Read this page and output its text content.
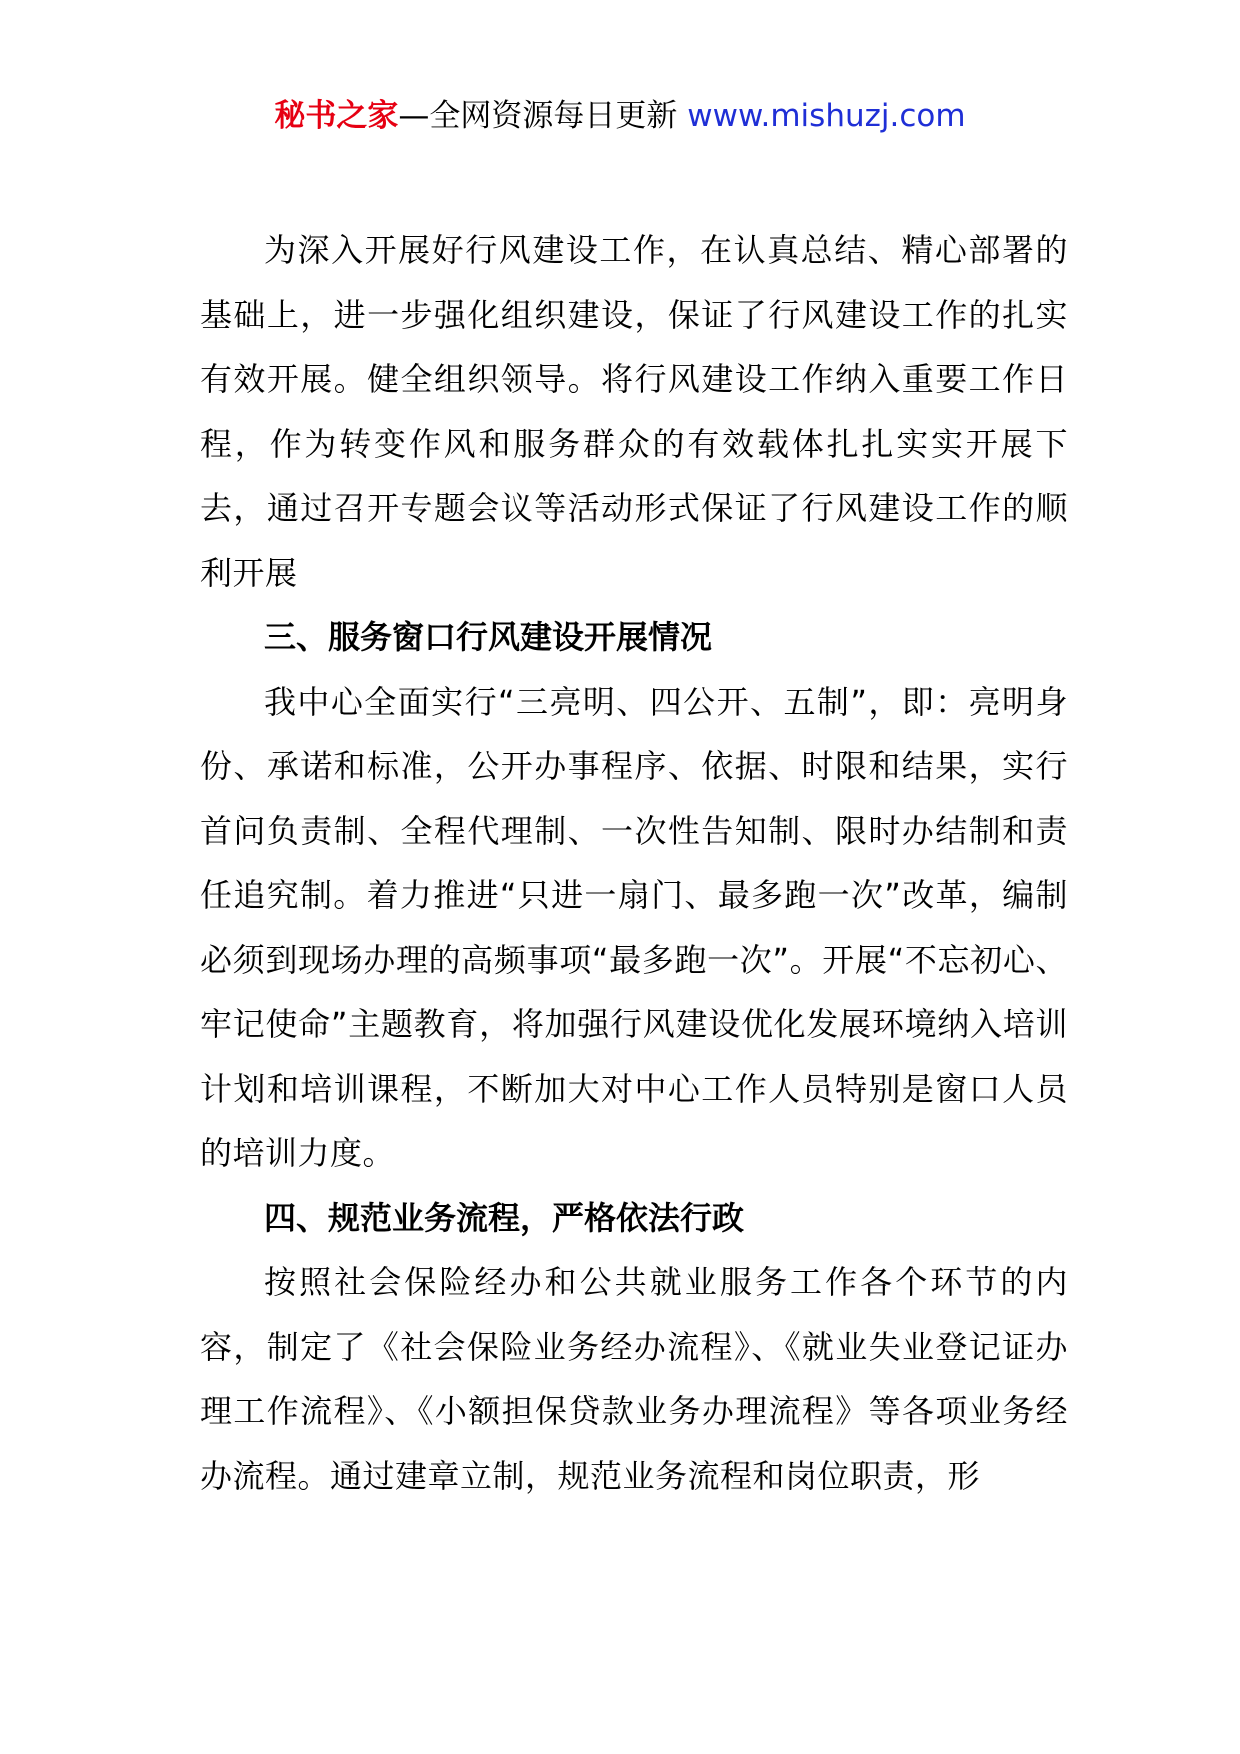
秘书之家—全网资源每日更新 www.mishuzj.com

为深入开展好行风建设工作，在认真总结、精心部署的基础上，进一步强化组织建设，保证了行风建设工作的扎实有效开展。健全组织领导。将行风建设工作纳入重要工作日程，作为转变作风和服务群众的有效载体扎扎实实开展下去，通过召开专题会议等活动形式保证了行风建设工作的顺利开展

三、服务窗口行风建设开展情况

我中心全面实行“三亮明、四公开、五制”，即：亮明身份、承诺和标准，公开办事程序、依据、时限和结果，实行首问负责制、全程代理制、一次性告知制、限时办结制和责任追究制。着力推进“只进一扇门、最多跑一次”改革，编制必须到现场办理的高频事项“最多跑一次”。开展“不忘初心、牢记使命”主题教育，将加强行风建设优化发展环境纳入培训计划和培训课程，不断加大对中心工作人员特别是窗口人员的培训力度。

四、规范业务流程，严格依法行政

按照社会保险经办和公共就业服务工作各个环节的内容，制定了《社会保险业务经办流程》、《就业失业登记证办理工作流程》、《小额担保贷款业务办理流程》等各项业务经办流程。通过建章立制，规范业务流程和岗位职责，形
